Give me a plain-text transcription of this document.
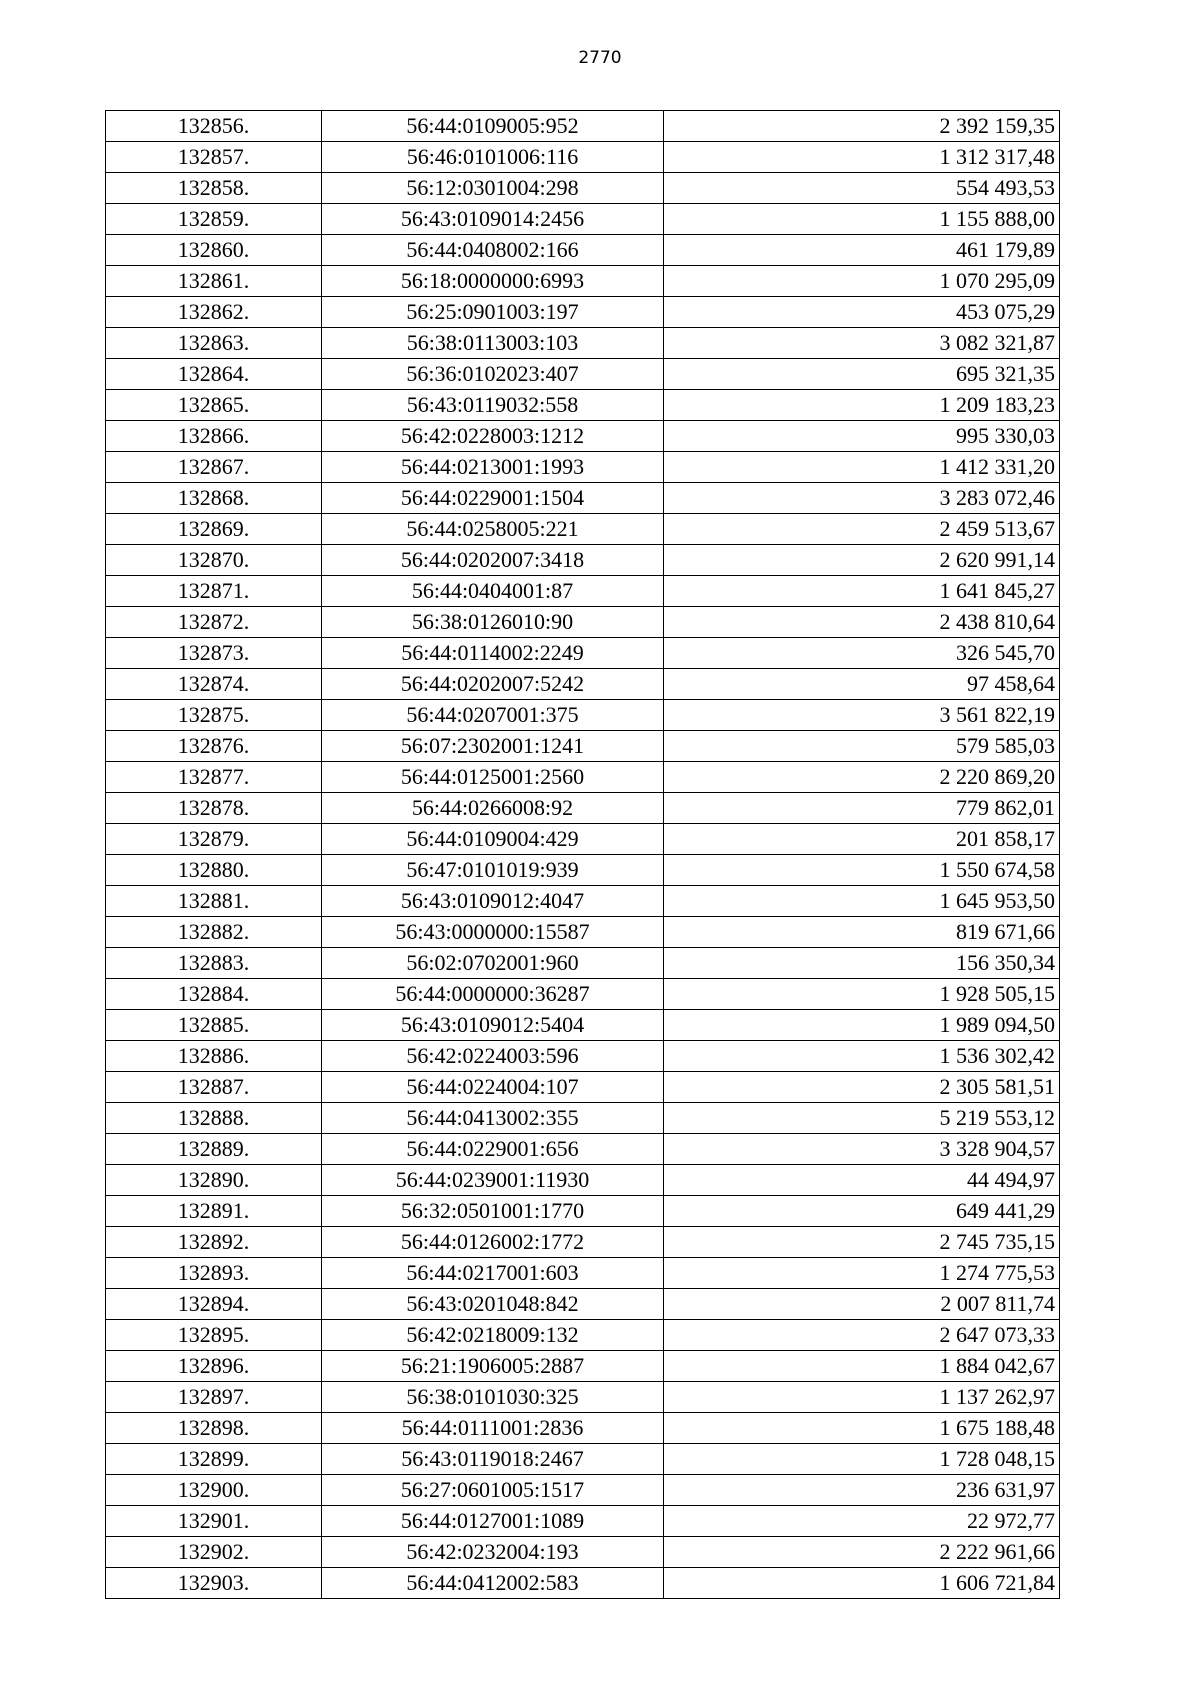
2770
132856.	56:44:0109005:952	2 392 159,35
132857.	56:46:0101006:116	1 312 317,48
132858.	56:12:0301004:298	554 493,53
132859.	56:43:0109014:2456	1 155 888,00
132860.	56:44:0408002:166	461 179,89
132861.	56:18:0000000:6993	1 070 295,09
132862.	56:25:0901003:197	453 075,29
132863.	56:38:0113003:103	3 082 321,87
132864.	56:36:0102023:407	695 321,35
132865.	56:43:0119032:558	1 209 183,23
132866.	56:42:0228003:1212	995 330,03
132867.	56:44:0213001:1993	1 412 331,20
132868.	56:44:0229001:1504	3 283 072,46
132869.	56:44:0258005:221	2 459 513,67
132870.	56:44:0202007:3418	2 620 991,14
132871.	56:44:0404001:87	1 641 845,27
132872.	56:38:0126010:90	2 438 810,64
132873.	56:44:0114002:2249	326 545,70
132874.	56:44:0202007:5242	97 458,64
132875.	56:44:0207001:375	3 561 822,19
132876.	56:07:2302001:1241	579 585,03
132877.	56:44:0125001:2560	2 220 869,20
132878.	56:44:0266008:92	779 862,01
132879.	56:44:0109004:429	201 858,17
132880.	56:47:0101019:939	1 550 674,58
132881.	56:43:0109012:4047	1 645 953,50
132882.	56:43:0000000:15587	819 671,66
132883.	56:02:0702001:960	156 350,34
132884.	56:44:0000000:36287	1 928 505,15
132885.	56:43:0109012:5404	1 989 094,50
132886.	56:42:0224003:596	1 536 302,42
132887.	56:44:0224004:107	2 305 581,51
132888.	56:44:0413002:355	5 219 553,12
132889.	56:44:0229001:656	3 328 904,57
132890.	56:44:0239001:11930	44 494,97
132891.	56:32:0501001:1770	649 441,29
132892.	56:44:0126002:1772	2 745 735,15
132893.	56:44:0217001:603	1 274 775,53
132894.	56:43:0201048:842	2 007 811,74
132895.	56:42:0218009:132	2 647 073,33
132896.	56:21:1906005:2887	1 884 042,67
132897.	56:38:0101030:325	1 137 262,97
132898.	56:44:0111001:2836	1 675 188,48
132899.	56:43:0119018:2467	1 728 048,15
132900.	56:27:0601005:1517	236 631,97
132901.	56:44:0127001:1089	22 972,77
132902.	56:42:0232004:193	2 222 961,66
132903.	56:44:0412002:583	1 606 721,84
